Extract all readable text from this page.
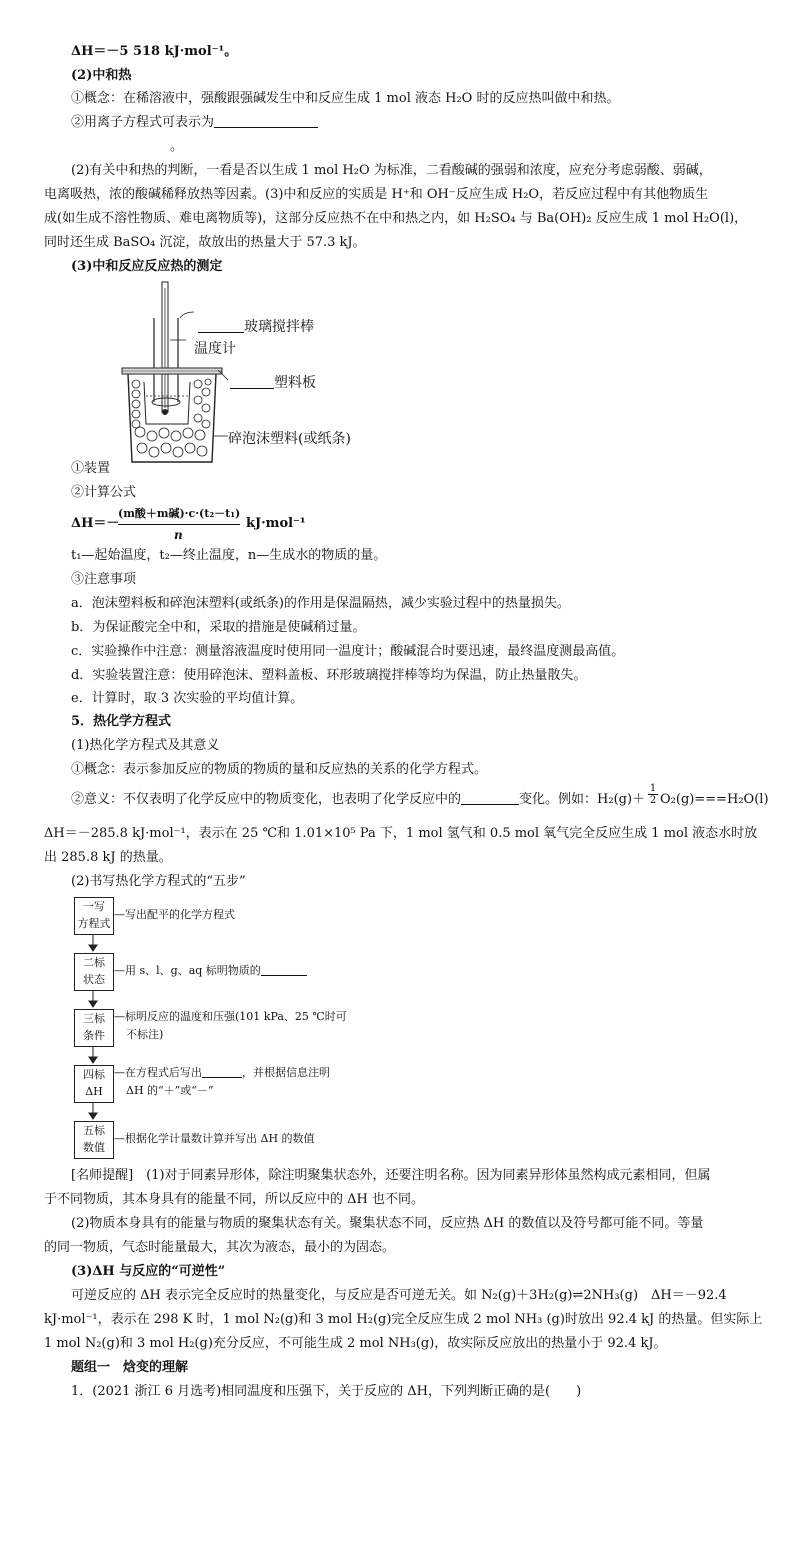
ΔH＝－5 518 kJ·mol⁻¹。
(2)中和热
①概念：在稀溶液中，强酸跟强碱发生中和反应生成 1 mol 液态 H₂O 时的反应热叫做中和热。
②用离子方程式可表示为
。
(2)有关中和热的判断，一看是否以生成 1 mol H₂O 为标准，二看酸碱的强弱和浓度，应充分考虑弱酸、弱碱，
电离吸热，浓的酸碱稀释放热等因素。(3)中和反应的实质是 H⁺和 OH⁻反应生成 H₂O，若反应过程中有其他物质生
成(如生成不溶性物质、难电离物质等)，这部分反应热不在中和热之内，如 H₂SO₄ 与 Ba(OH)₂ 反应生成 1 mol H₂O(l)，
同时还生成 BaSO₄ 沉淀，故放出的热量大于 57.3 kJ。
(3)中和反应反应热的测定
玻璃搅拌棒
温度计
塑料板
碎泡沫塑料(或纸条)
①装置
②计算公式
ΔH＝－
(m酸＋m碱)·c·(t₂－t₁)
n
kJ·mol⁻¹
t₁—起始温度，t₂—终止温度，n—生成水的物质的量。
③注意事项
a．泡沫塑料板和碎泡沫塑料(或纸条)的作用是保温隔热，减少实验过程中的热量损失。
b．为保证酸完全中和，采取的措施是使碱稍过量。
c．实验操作中注意：测量溶液温度时使用同一温度计；酸碱混合时要迅速，最终温度测最高值。
d．实验装置注意：使用碎泡沫、塑料盖板、环形玻璃搅拌棒等均为保温，防止热量散失。
e．计算时，取 3 次实验的平均值计算。
5．热化学方程式
(1)热化学方程式及其意义
①概念：表示参加反应的物质的物质的量和反应热的关系的化学方程式。
②意义：不仅表明了化学反应中的物质变化，也表明了化学反应中的	变化。例如：H₂(g)＋
1
2 O₂(g)===H₂O(l)
ΔH＝－285.8 kJ·mol⁻¹，表示在 25 ℃和 1.01×10⁵ Pa 下，1 mol 氢气和 0.5 mol 氧气完全反应生成 1 mol 液态水时放
出 285.8 kJ 的热量。
(2)书写热化学方程式的“五步”
一写
方程式
—写出配平的化学方程式
二标
状态
—用 s、l、g、aq 标明物质的
三标
条件
—标明反应的温度和压强(101 kPa、25 ℃时可
不标注)
四标
ΔH
—在方程式后写出	，并根据信息注明
ΔH 的“＋”或“－”
五标
数值
—根据化学计量数计算并写出 ΔH 的数值
[名师提醒]　(1)对于同素异形体，除注明聚集状态外，还要注明名称。因为同素异形体虽然构成元素相同，但属
于不同物质，其本身具有的能量不同，所以反应中的 ΔH 也不同。
(2)物质本身具有的能量与物质的聚集状态有关。聚集状态不同，反应热 ΔH 的数值以及符号都可能不同。等量
的同一物质，气态时能量最大，其次为液态，最小的为固态。
(3)ΔH 与反应的“可逆性”
可逆反应的 ΔH 表示完全反应时的热量变化，与反应是否可逆无关。如 N₂(g)＋3H₂(g)⇌2NH₃(g)　ΔH＝－92.4
kJ·mol⁻¹，表示在 298 K 时，1 mol N₂(g)和 3 mol H₂(g)完全反应生成 2 mol NH₃ (g)时放出 92.4 kJ 的热量。但实际上
1 mol N₂(g)和 3 mol H₂(g)充分反应，不可能生成 2 mol NH₃(g)，故实际反应放出的热量小于 92.4 kJ。
题组一　焓变的理解
1．(2021 浙江 6 月选考)相同温度和压强下，关于反应的 ΔH，下列判断正确的是(　　)
